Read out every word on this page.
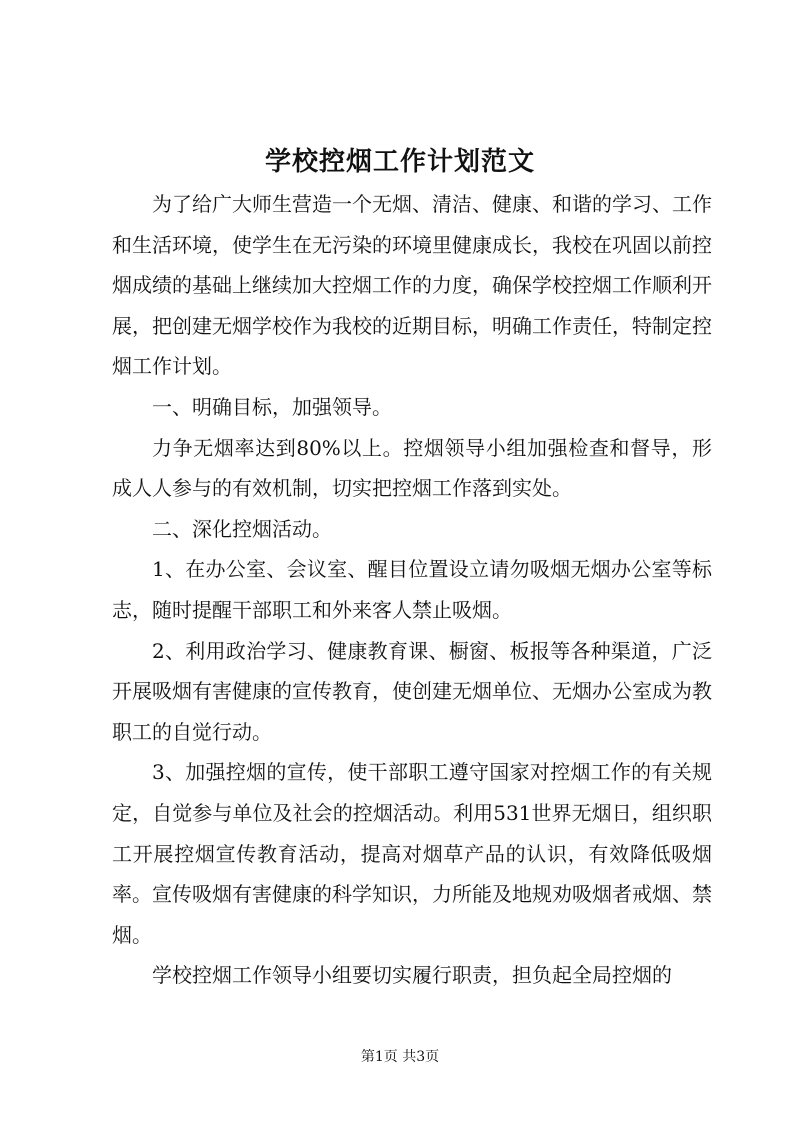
学校控烟工作计划范文

为了给广大师生营造一个无烟、清洁、健康、和谐的学习、工作和生活环境，使学生在无污染的环境里健康成长，我校在巩固以前控烟成绩的基础上继续加大控烟工作的力度，确保学校控烟工作顺利开展，把创建无烟学校作为我校的近期目标，明确工作责任，特制定控烟工作计划。

一、明确目标，加强领导。

力争无烟率达到80%以上。控烟领导小组加强检查和督导，形成人人参与的有效机制，切实把控烟工作落到实处。

二、深化控烟活动。

1、在办公室、会议室、醒目位置设立请勿吸烟无烟办公室等标志，随时提醒干部职工和外来客人禁止吸烟。

2、利用政治学习、健康教育课、橱窗、板报等各种渠道，广泛开展吸烟有害健康的宣传教育，使创建无烟单位、无烟办公室成为教职工的自觉行动。

3、加强控烟的宣传，使干部职工遵守国家对控烟工作的有关规定，自觉参与单位及社会的控烟活动。利用531世界无烟日，组织职工开展控烟宣传教育活动，提高对烟草产品的认识，有效降低吸烟率。宣传吸烟有害健康的科学知识，力所能及地规劝吸烟者戒烟、禁烟。

学校控烟工作领导小组要切实履行职责，担负起全局控烟的

第1页 共3页
